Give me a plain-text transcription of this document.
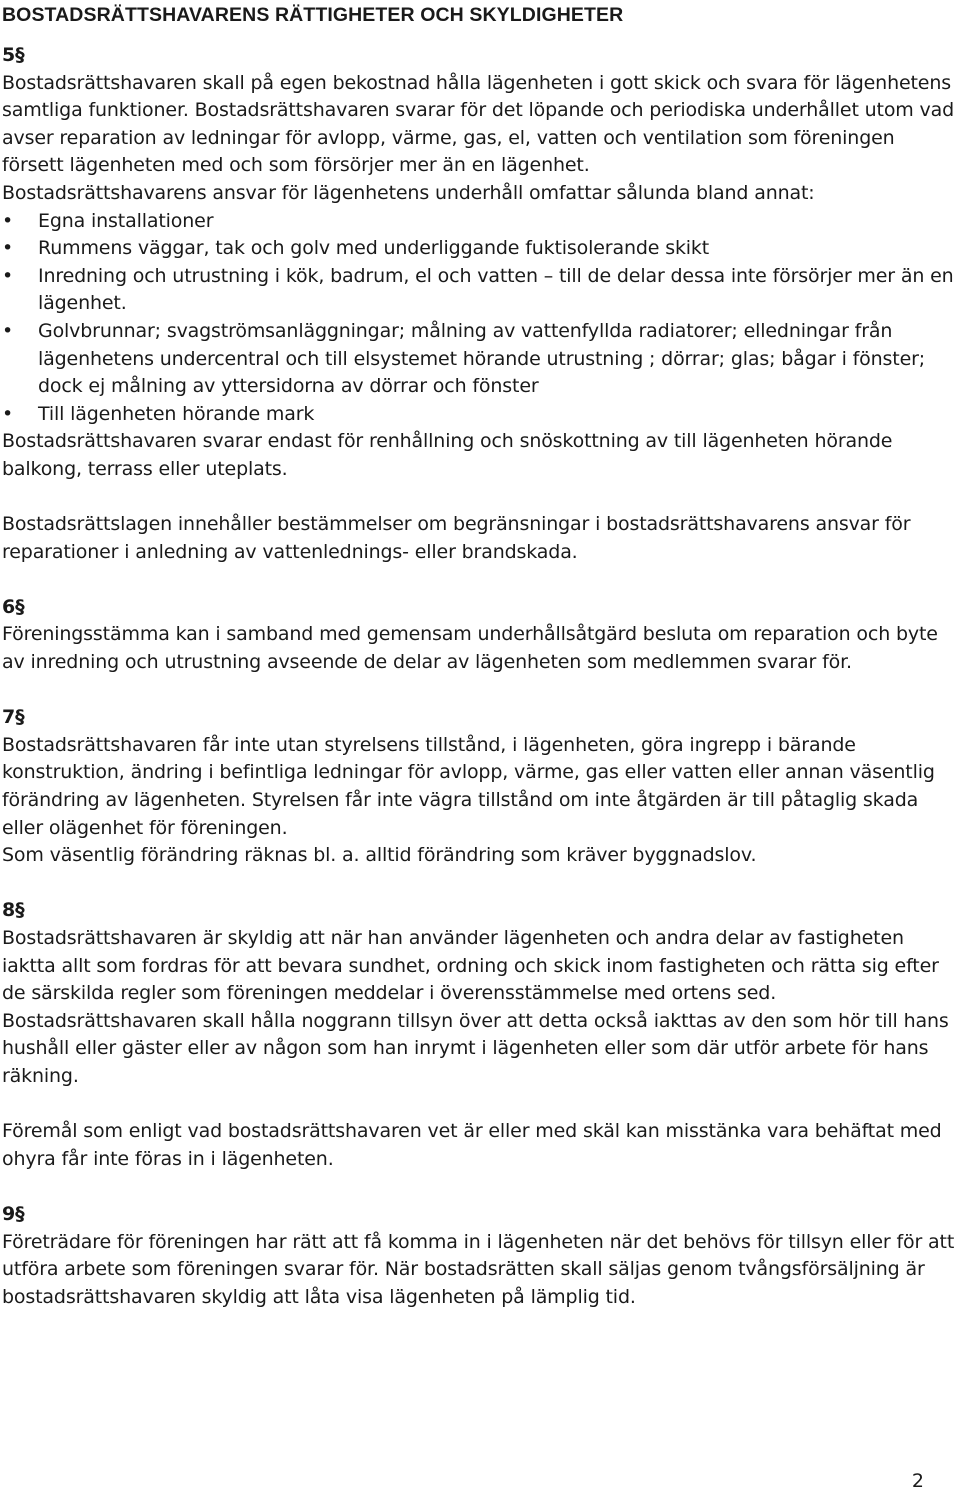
BOSTADSRÄTTSHAVARENS RÄTTIGHETER OCH SKYLDIGHETER
5§

Bostadsrättshavaren skall på egen bekostnad hålla lägenheten i gott skick och svara för lägenhetens samtliga funktioner. Bostadsrättshavaren svarar för det löpande och periodiska underhållet utom vad avser reparation av ledningar för avlopp, värme, gas, el, vatten och ventilation som föreningen försett lägenheten med och som försörjer mer än en lägenhet.

Bostadsrättshavarens ansvar för lägenhetens underhåll omfattar sålunda bland annat:

•	Egna installationer
•	Rummens väggar, tak och golv med underliggande fuktisolerande skikt
•	Inredning och utrustning i kök, badrum, el och vatten – till de delar dessa inte försörjer mer än en lägenhet.
•	Golvbrunnar; svagströmsanläggningar; målning av vattenfyllda radiatorer; elledningar från lägenhetens undercentral och till elsystemet hörande utrustning ; dörrar; glas; bågar i fönster; dock ej målning av yttersidorna av dörrar och fönster
•	Till lägenheten hörande mark

Bostadsrättshavaren svarar endast för renhållning och snöskottning av till lägenheten hörande balkong, terrass eller uteplats.

Bostadsrättslagen innehåller bestämmelser om begränsningar i bostadsrättshavarens ansvar för reparationer i anledning av vattenlednings- eller brandskada.

6§

Föreningsstämma kan i samband med gemensam underhållsåtgärd besluta om reparation och byte av inredning och utrustning avseende de delar av lägenheten som medlemmen svarar för.

7§

Bostadsrättshavaren får inte utan styrelsens tillstånd, i lägenheten, göra ingrepp i bärande konstruktion, ändring i befintliga ledningar för avlopp, värme, gas eller vatten eller annan väsentlig förändring av lägenheten. Styrelsen får inte vägra tillstånd om inte åtgärden är till påtaglig skada eller olägenhet för föreningen.

Som väsentlig förändring räknas bl. a. alltid förändring som kräver byggnadslov.

8§

Bostadsrättshavaren är skyldig att när han använder lägenheten och andra delar av fastigheten iaktta allt som fordras för att bevara sundhet, ordning och skick inom fastigheten och rätta sig efter de särskilda regler som föreningen meddelar i överensstämmelse med ortens sed. Bostadsrättshavaren skall hålla noggrann tillsyn över att detta också iakttas av den som hör till hans hushåll eller gäster eller av någon som han inrymt i lägenheten eller som där utför arbete för hans räkning.

Föremål som enligt vad bostadsrättshavaren vet är eller med skäl kan misstänka vara behäftat med ohyra får inte föras in i lägenheten.

9§

Företrädare för föreningen har rätt att få komma in i lägenheten när det behövs för tillsyn eller för att utföra arbete som föreningen svarar för. När bostadsrätten skall säljas genom tvångsförsäljning är bostadsrättshavaren skyldig att låta visa lägenheten på lämplig tid.

2
